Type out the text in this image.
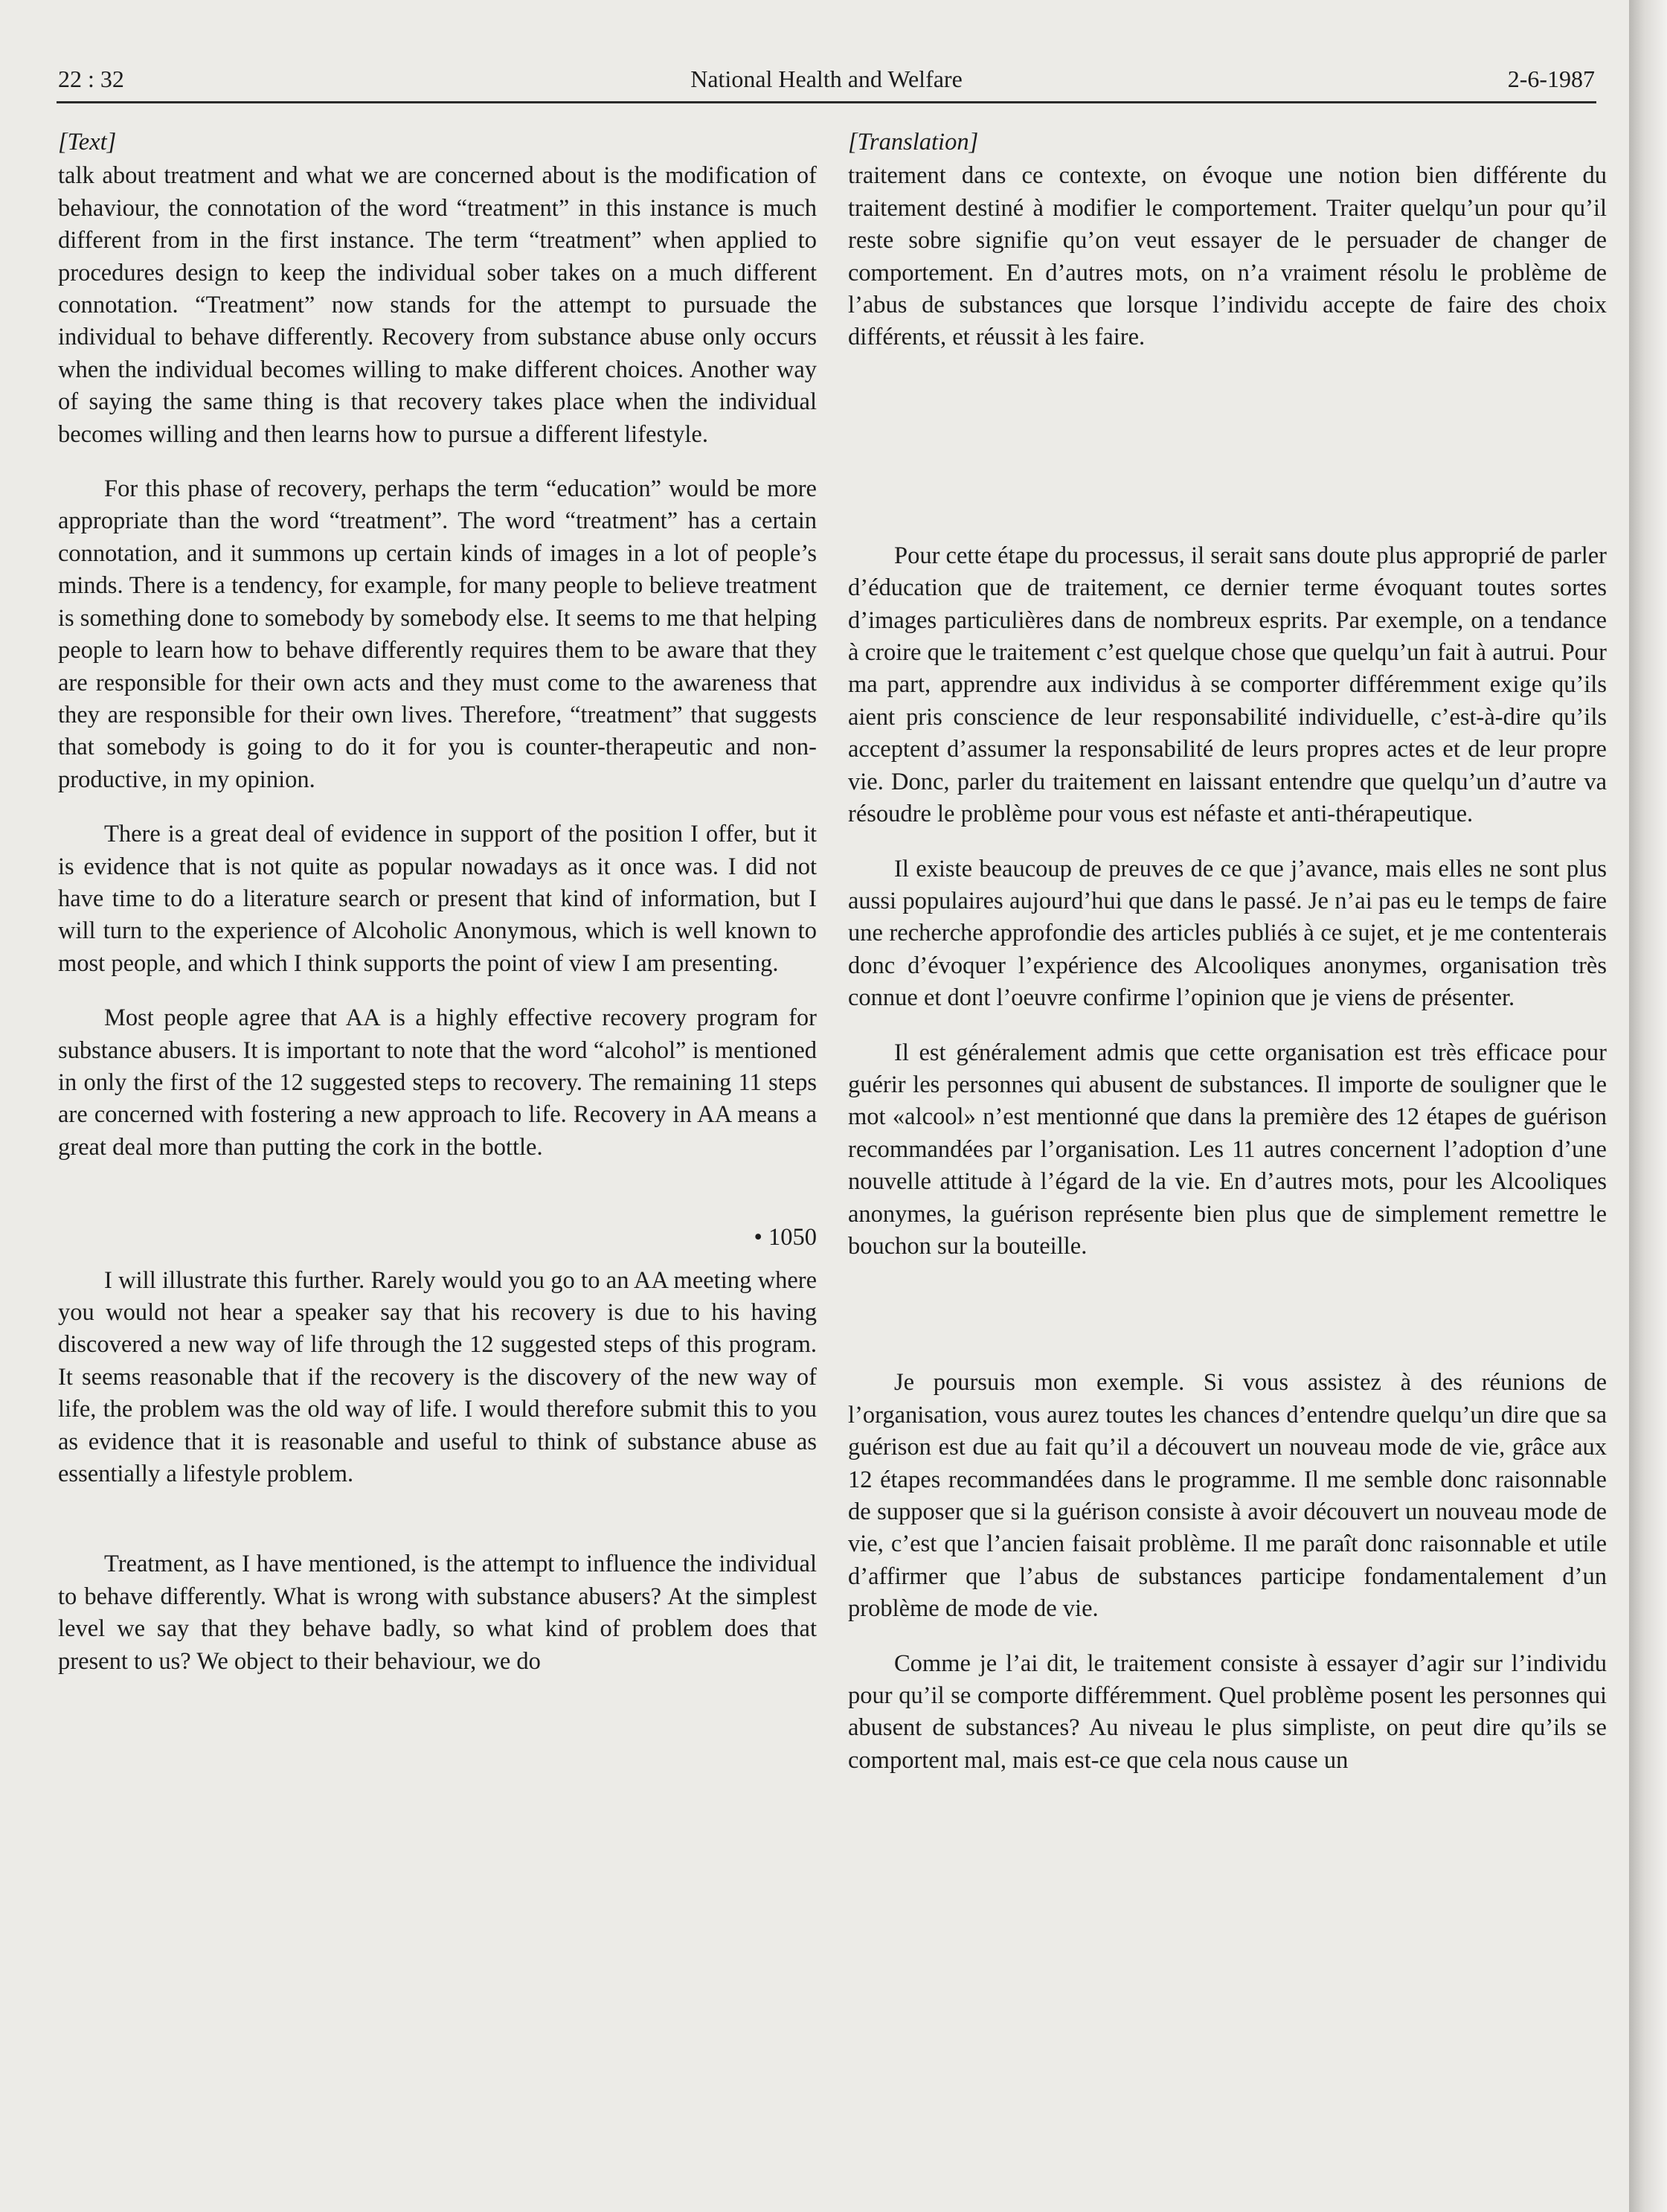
22 : 32	National Health and Welfare	2-6-1987
[Text]

talk about treatment and what we are concerned about is the modification of behaviour, the connotation of the word “treatment” in this instance is much different from in the first instance. The term “treatment” when applied to procedures design to keep the individual sober takes on a much different connotation. “Treatment” now stands for the attempt to pursuade the individual to behave differently. Recovery from substance abuse only occurs when the individual becomes willing to make different choices. Another way of saying the same thing is that recovery takes place when the individual becomes willing and then learns how to pursue a different lifestyle.

For this phase of recovery, perhaps the term “education” would be more appropriate than the word “treatment”. The word “treatment” has a certain connotation, and it summons up certain kinds of images in a lot of people’s minds. There is a tendency, for example, for many people to believe treatment is something done to somebody by somebody else. It seems to me that helping people to learn how to behave differently requires them to be aware that they are responsible for their own acts and they must come to the awareness that they are responsible for their own lives. Therefore, “treatment” that suggests that somebody is going to do it for you is counter-therapeutic and non-productive, in my opinion.

There is a great deal of evidence in support of the position I offer, but it is evidence that is not quite as popular nowadays as it once was. I did not have time to do a literature search or present that kind of information, but I will turn to the experience of Alcoholic Anonymous, which is well known to most people, and which I think supports the point of view I am presenting.

Most people agree that AA is a highly effective recovery program for substance abusers. It is important to note that the word “alcohol” is mentioned in only the first of the 12 suggested steps to recovery. The remaining 11 steps are concerned with fostering a new approach to life. Recovery in AA means a great deal more than putting the cork in the bottle.

• 1050

I will illustrate this further. Rarely would you go to an AA meeting where you would not hear a speaker say that his recovery is due to his having discovered a new way of life through the 12 suggested steps of this program. It seems reasonable that if the recovery is the discovery of the new way of life, the problem was the old way of life. I would therefore submit this to you as evidence that it is reasonable and useful to think of substance abuse as essentially a lifestyle problem.

Treatment, as I have mentioned, is the attempt to influence the individual to behave differently. What is wrong with substance abusers? At the simplest level we say that they behave badly, so what kind of problem does that present to us? We object to their behaviour, we do

[Translation]

traitement dans ce contexte, on évoque une notion bien différente du traitement destiné à modifier le comportement. Traiter quelqu’un pour qu’il reste sobre signifie qu’on veut essayer de le persuader de changer de comportement. En d’autres mots, on n’a vraiment résolu le problème de l’abus de substances que lorsque l’individu accepte de faire des choix différents, et réussit à les faire.

Pour cette étape du processus, il serait sans doute plus approprié de parler d’éducation que de traitement, ce dernier terme évoquant toutes sortes d’images particulières dans de nombreux esprits. Par exemple, on a tendance à croire que le traitement c’est quelque chose que quelqu’un fait à autrui. Pour ma part, apprendre aux individus à se comporter différemment exige qu’ils aient pris conscience de leur responsabilité individuelle, c’est-à-dire qu’ils acceptent d’assumer la responsabilité de leurs propres actes et de leur propre vie. Donc, parler du traitement en laissant entendre que quelqu’un d’autre va résoudre le problème pour vous est néfaste et anti-thérapeutique.

Il existe beaucoup de preuves de ce que j’avance, mais elles ne sont plus aussi populaires aujourd’hui que dans le passé. Je n’ai pas eu le temps de faire une recherche approfondie des articles publiés à ce sujet, et je me contenterais donc d’évoquer l’expérience des Alcooliques anonymes, organisation très connue et dont l’oeuvre confirme l’opinion que je viens de présenter.

Il est généralement admis que cette organisation est très efficace pour guérir les personnes qui abusent de substances. Il importe de souligner que le mot «alcool» n’est mentionné que dans la première des 12 étapes de guérison recommandées par l’organisation. Les 11 autres concernent l’adoption d’une nouvelle attitude à l’égard de la vie. En d’autres mots, pour les Alcooliques anonymes, la guérison représente bien plus que de simplement remettre le bouchon sur la bouteille.

Je poursuis mon exemple. Si vous assistez à des réunions de l’organisation, vous aurez toutes les chances d’entendre quelqu’un dire que sa guérison est due au fait qu’il a découvert un nouveau mode de vie, grâce aux 12 étapes recommandées dans le programme. Il me semble donc raisonnable de supposer que si la guérison consiste à avoir découvert un nouveau mode de vie, c’est que l’ancien faisait problème. Il me paraît donc raisonnable et utile d’affirmer que l’abus de substances participe fondamentalement d’un problème de mode de vie.

Comme je l’ai dit, le traitement consiste à essayer d’agir sur l’individu pour qu’il se comporte différemment. Quel problème posent les personnes qui abusent de substances? Au niveau le plus simpliste, on peut dire qu’ils se comportent mal, mais est-ce que cela nous cause un
